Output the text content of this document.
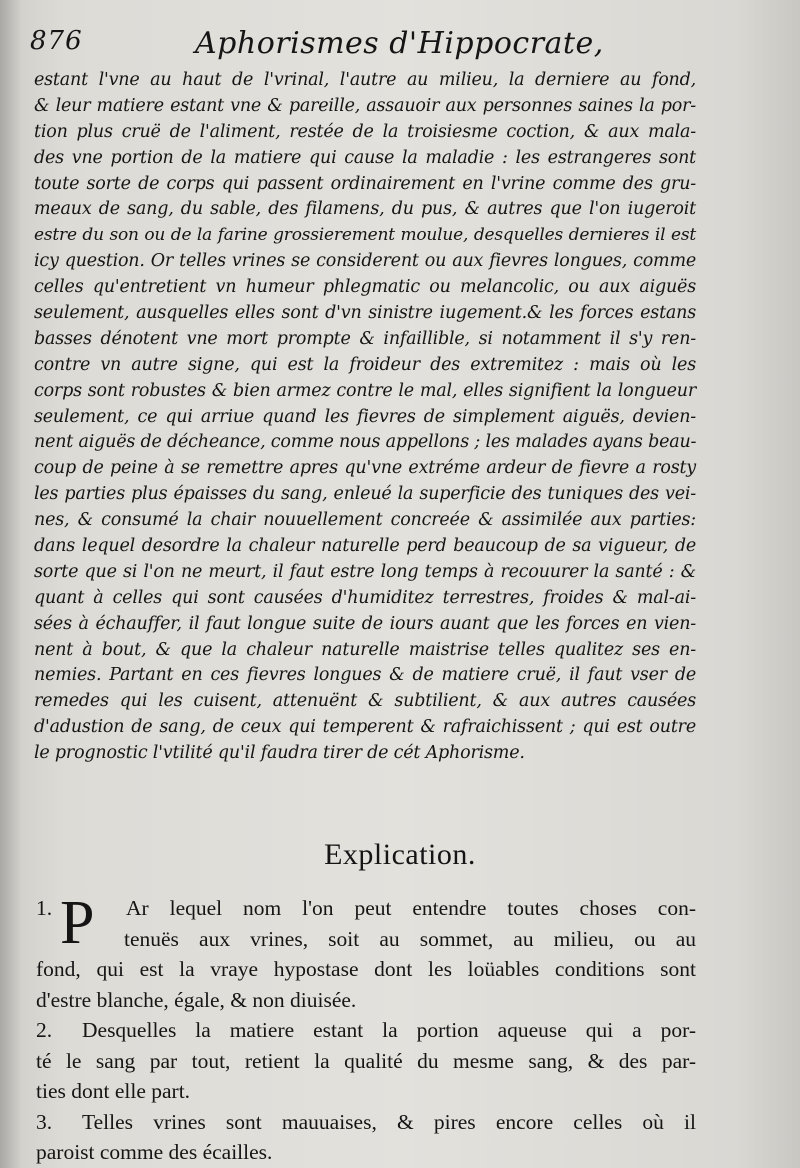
876	Aphorismes d'Hippocrate,
estant l'vne au haut de l'vrinal, l'autre au milieu, la derniere au fond,
& leur matiere estant vne & pareille, assauoir aux personnes saines la por-
tion plus cruë de l'aliment, restée de la troisiesme coction, & aux mala-
des vne portion de la matiere qui cause la maladie : les estrangeres sont
toute sorte de corps qui passent ordinairement en l'vrine comme des gru-
meaux de sang, du sable, des filamens, du pus, & autres que l'on iugeroit
estre du son ou de la farine grossierement moulue, desquelles dernieres il est
icy question. Or telles vrines se considerent ou aux fievres longues, comme
celles qu'entretient vn humeur phlegmatic ou melancolic, ou aux aiguës
seulement, ausquelles elles sont d'vn sinistre iugement.& les forces estans
basses dénotent vne mort prompte & infaillible, si notamment il s'y ren-
contre vn autre signe, qui est la froideur des extremitez : mais où les
corps sont robustes & bien armez contre le mal, elles signifient la longueur
seulement, ce qui arriue quand les fievres de simplement aiguës, devien-
nent aiguës de décheance, comme nous appellons ; les malades ayans beau-
coup de peine à se remettre apres qu'vne extréme ardeur de fievre a rosty
les parties plus épaisses du sang, enleué la superficie des tuniques des vei-
nes, & consumé la chair nouuellement concreée & assimilée aux parties:
dans lequel desordre la chaleur naturelle perd beaucoup de sa vigueur, de
sorte que si l'on ne meurt, il faut estre long temps à recouurer la santé : &
quant à celles qui sont causées d'humiditez terrestres, froides & mal-ai-
sées à échauffer, il faut longue suite de iours auant que les forces en vien-
nent à bout, & que la chaleur naturelle maistrise telles qualitez ses en-
nemies. Partant en ces fievres longues & de matiere cruë, il faut vser de
remedes qui les cuisent, attenuënt & subtilient, & aux autres causées
d'adustion de sang, de ceux qui temperent & rafraichissent ; qui est outre
le prognostic l'vtilité qu'il faudra tirer de cét Aphorisme.
Explication.
P
1.	Ar lequel nom l'on peut entendre toutes choses con-
tenuës aux vrines, soit au sommet, au milieu, ou au
fond, qui est la vraye hypostase dont les loüables conditions sont
d'estre blanche, égale, & non diuisée.
2. Desquelles la matiere estant la portion aqueuse qui a por-
té le sang par tout, retient la qualité du mesme sang, & des par-
ties dont elle part.
3. Telles vrines sont mauuaises, & pires encore celles où il
paroist comme des écailles.
